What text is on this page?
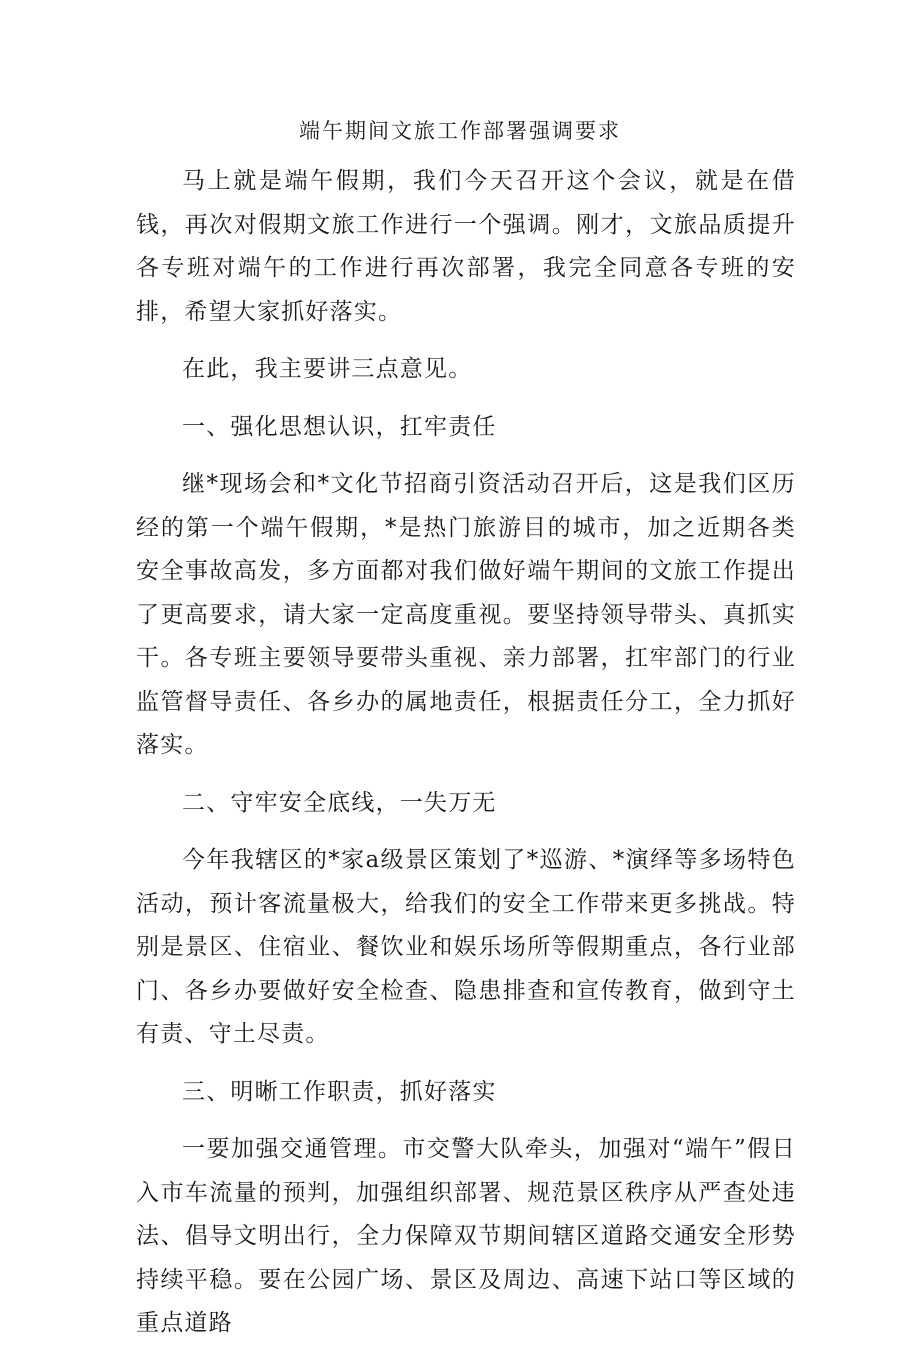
端午期间文旅工作部署强调要求

马上就是端午假期，我们今天召开这个会议，就是在借钱，再次对假期文旅工作进行一个强调。刚才，文旅品质提升各专班对端午的工作进行再次部署，我完全同意各专班的安排，希望大家抓好落实。

在此，我主要讲三点意见。

一、强化思想认识，扛牢责任

继*现场会和*文化节招商引资活动召开后，这是我们区历经的第一个端午假期，*是热门旅游目的城市，加之近期各类安全事故高发，多方面都对我们做好端午期间的文旅工作提出了更高要求，请大家一定高度重视。要坚持领导带头、真抓实干。各专班主要领导要带头重视、亲力部署，扛牢部门的行业监管督导责任、各乡办的属地责任，根据责任分工，全力抓好落实。

二、守牢安全底线，一失万无

今年我辖区的*家a级景区策划了*巡游、*演绎等多场特色活动，预计客流量极大，给我们的安全工作带来更多挑战。特别是景区、住宿业、餐饮业和娱乐场所等假期重点，各行业部门、各乡办要做好安全检查、隐患排查和宣传教育，做到守土有责、守土尽责。

三、明晰工作职责，抓好落实

一要加强交通管理。市交警大队牵头，加强对“端午”假日入市车流量的预判，加强组织部署、规范景区秩序从严查处违法、倡导文明出行，全力保障双节期间辖区道路交通安全形势持续平稳。要在公园广场、景区及周边、高速下站口等区域的重点道路
